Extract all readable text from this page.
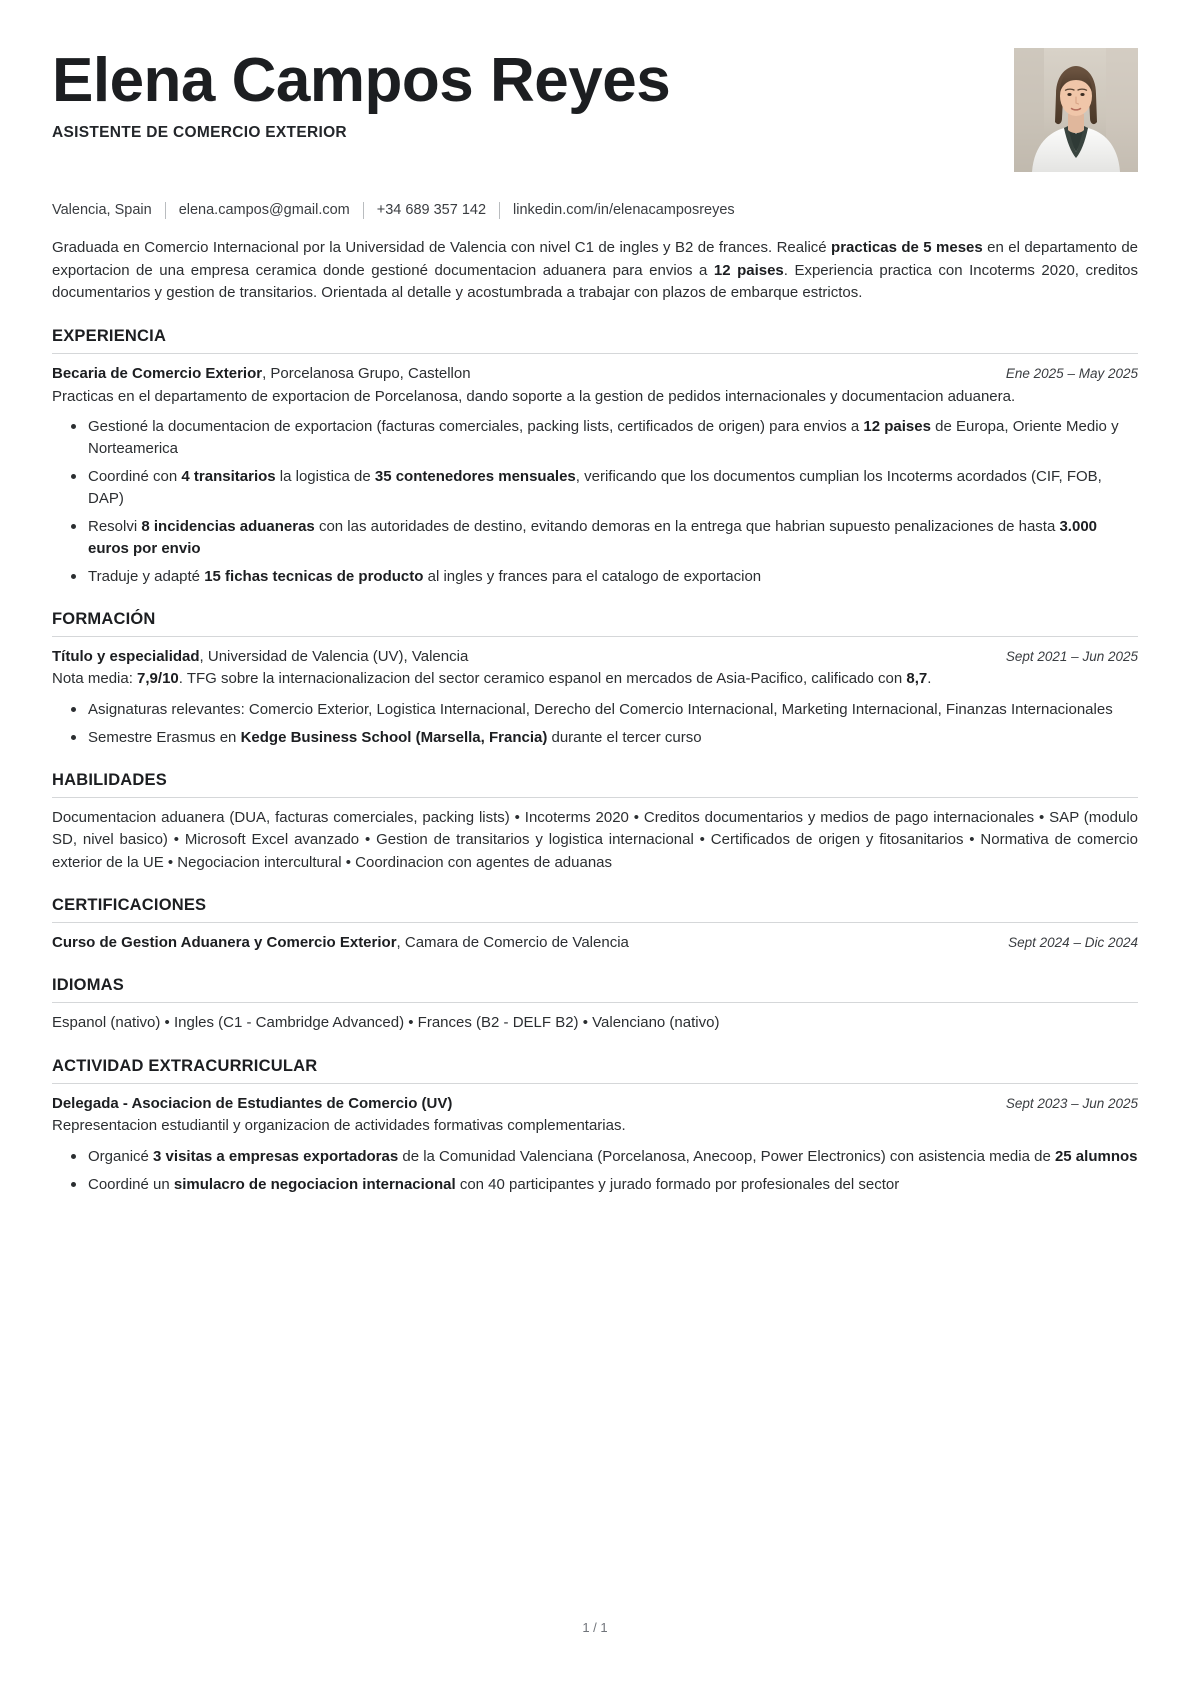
Elena Campos Reyes
ASISTENTE DE COMERCIO EXTERIOR
Valencia, Spain elena.campos@gmail.com +34 689 357 142 linkedin.com/in/elenacamposreyes

Graduada en Comercio Internacional por la Universidad de Valencia con nivel C1 de ingles y B2 de frances. Realicé practicas de 5 meses en el departamento de exportacion de una empresa ceramica donde gestioné documentacion aduanera para envios a 12 paises. Experiencia practica con Incoterms 2020, creditos documentarios y gestion de transitarios. Orientada al detalle y acostumbrada a trabajar con plazos de embarque estrictos.

EXPERIENCIA
Becaria de Comercio Exterior, Porcelanosa Grupo, Castellon	Ene 2025 – May 2025
Practicas en el departamento de exportacion de Porcelanosa, dando soporte a la gestion de pedidos internacionales y documentacion aduanera.
Gestioné la documentacion de exportacion (facturas comerciales, packing lists, certificados de origen) para envios a 12 paises de Europa, Oriente Medio y Norteamerica
Coordiné con 4 transitarios la logistica de 35 contenedores mensuales, verificando que los documentos cumplian los Incoterms acordados (CIF, FOB, DAP)
Resolvi 8 incidencias aduaneras con las autoridades de destino, evitando demoras en la entrega que habrian supuesto penalizaciones de hasta 3.000 euros por envio
Traduje y adapté 15 fichas tecnicas de producto al ingles y frances para el catalogo de exportacion
FORMACIÓN
Título y especialidad, Universidad de Valencia (UV), Valencia	Sept 2021 – Jun 2025
Nota media: 7,9/10. TFG sobre la internacionalizacion del sector ceramico espanol en mercados de Asia-Pacifico, calificado con 8,7.
Asignaturas relevantes: Comercio Exterior, Logistica Internacional, Derecho del Comercio Internacional, Marketing Internacional, Finanzas Internacionales
Semestre Erasmus en Kedge Business School (Marsella, Francia) durante el tercer curso
HABILIDADES
Documentacion aduanera (DUA, facturas comerciales, packing lists) • Incoterms 2020 • Creditos documentarios y medios de pago internacionales • SAP (modulo SD, nivel basico) • Microsoft Excel avanzado • Gestion de transitarios y logistica internacional • Certificados de origen y fitosanitarios • Normativa de comercio exterior de la UE • Negociacion intercultural • Coordinacion con agentes de aduanas
CERTIFICACIONES
Curso de Gestion Aduanera y Comercio Exterior, Camara de Comercio de Valencia	Sept 2024 – Dic 2024
IDIOMAS
Espanol (nativo) • Ingles (C1 - Cambridge Advanced) • Frances (B2 - DELF B2) • Valenciano (nativo)
ACTIVIDAD EXTRACURRICULAR
Delegada - Asociacion de Estudiantes de Comercio (UV)	Sept 2023 – Jun 2025
Representacion estudiantil y organizacion de actividades formativas complementarias.
Organicé 3 visitas a empresas exportadoras de la Comunidad Valenciana (Porcelanosa, Anecoop, Power Electronics) con asistencia media de 25 alumnos
Coordiné un simulacro de negociacion internacional con 40 participantes y jurado formado por profesionales del sector
1 / 1
